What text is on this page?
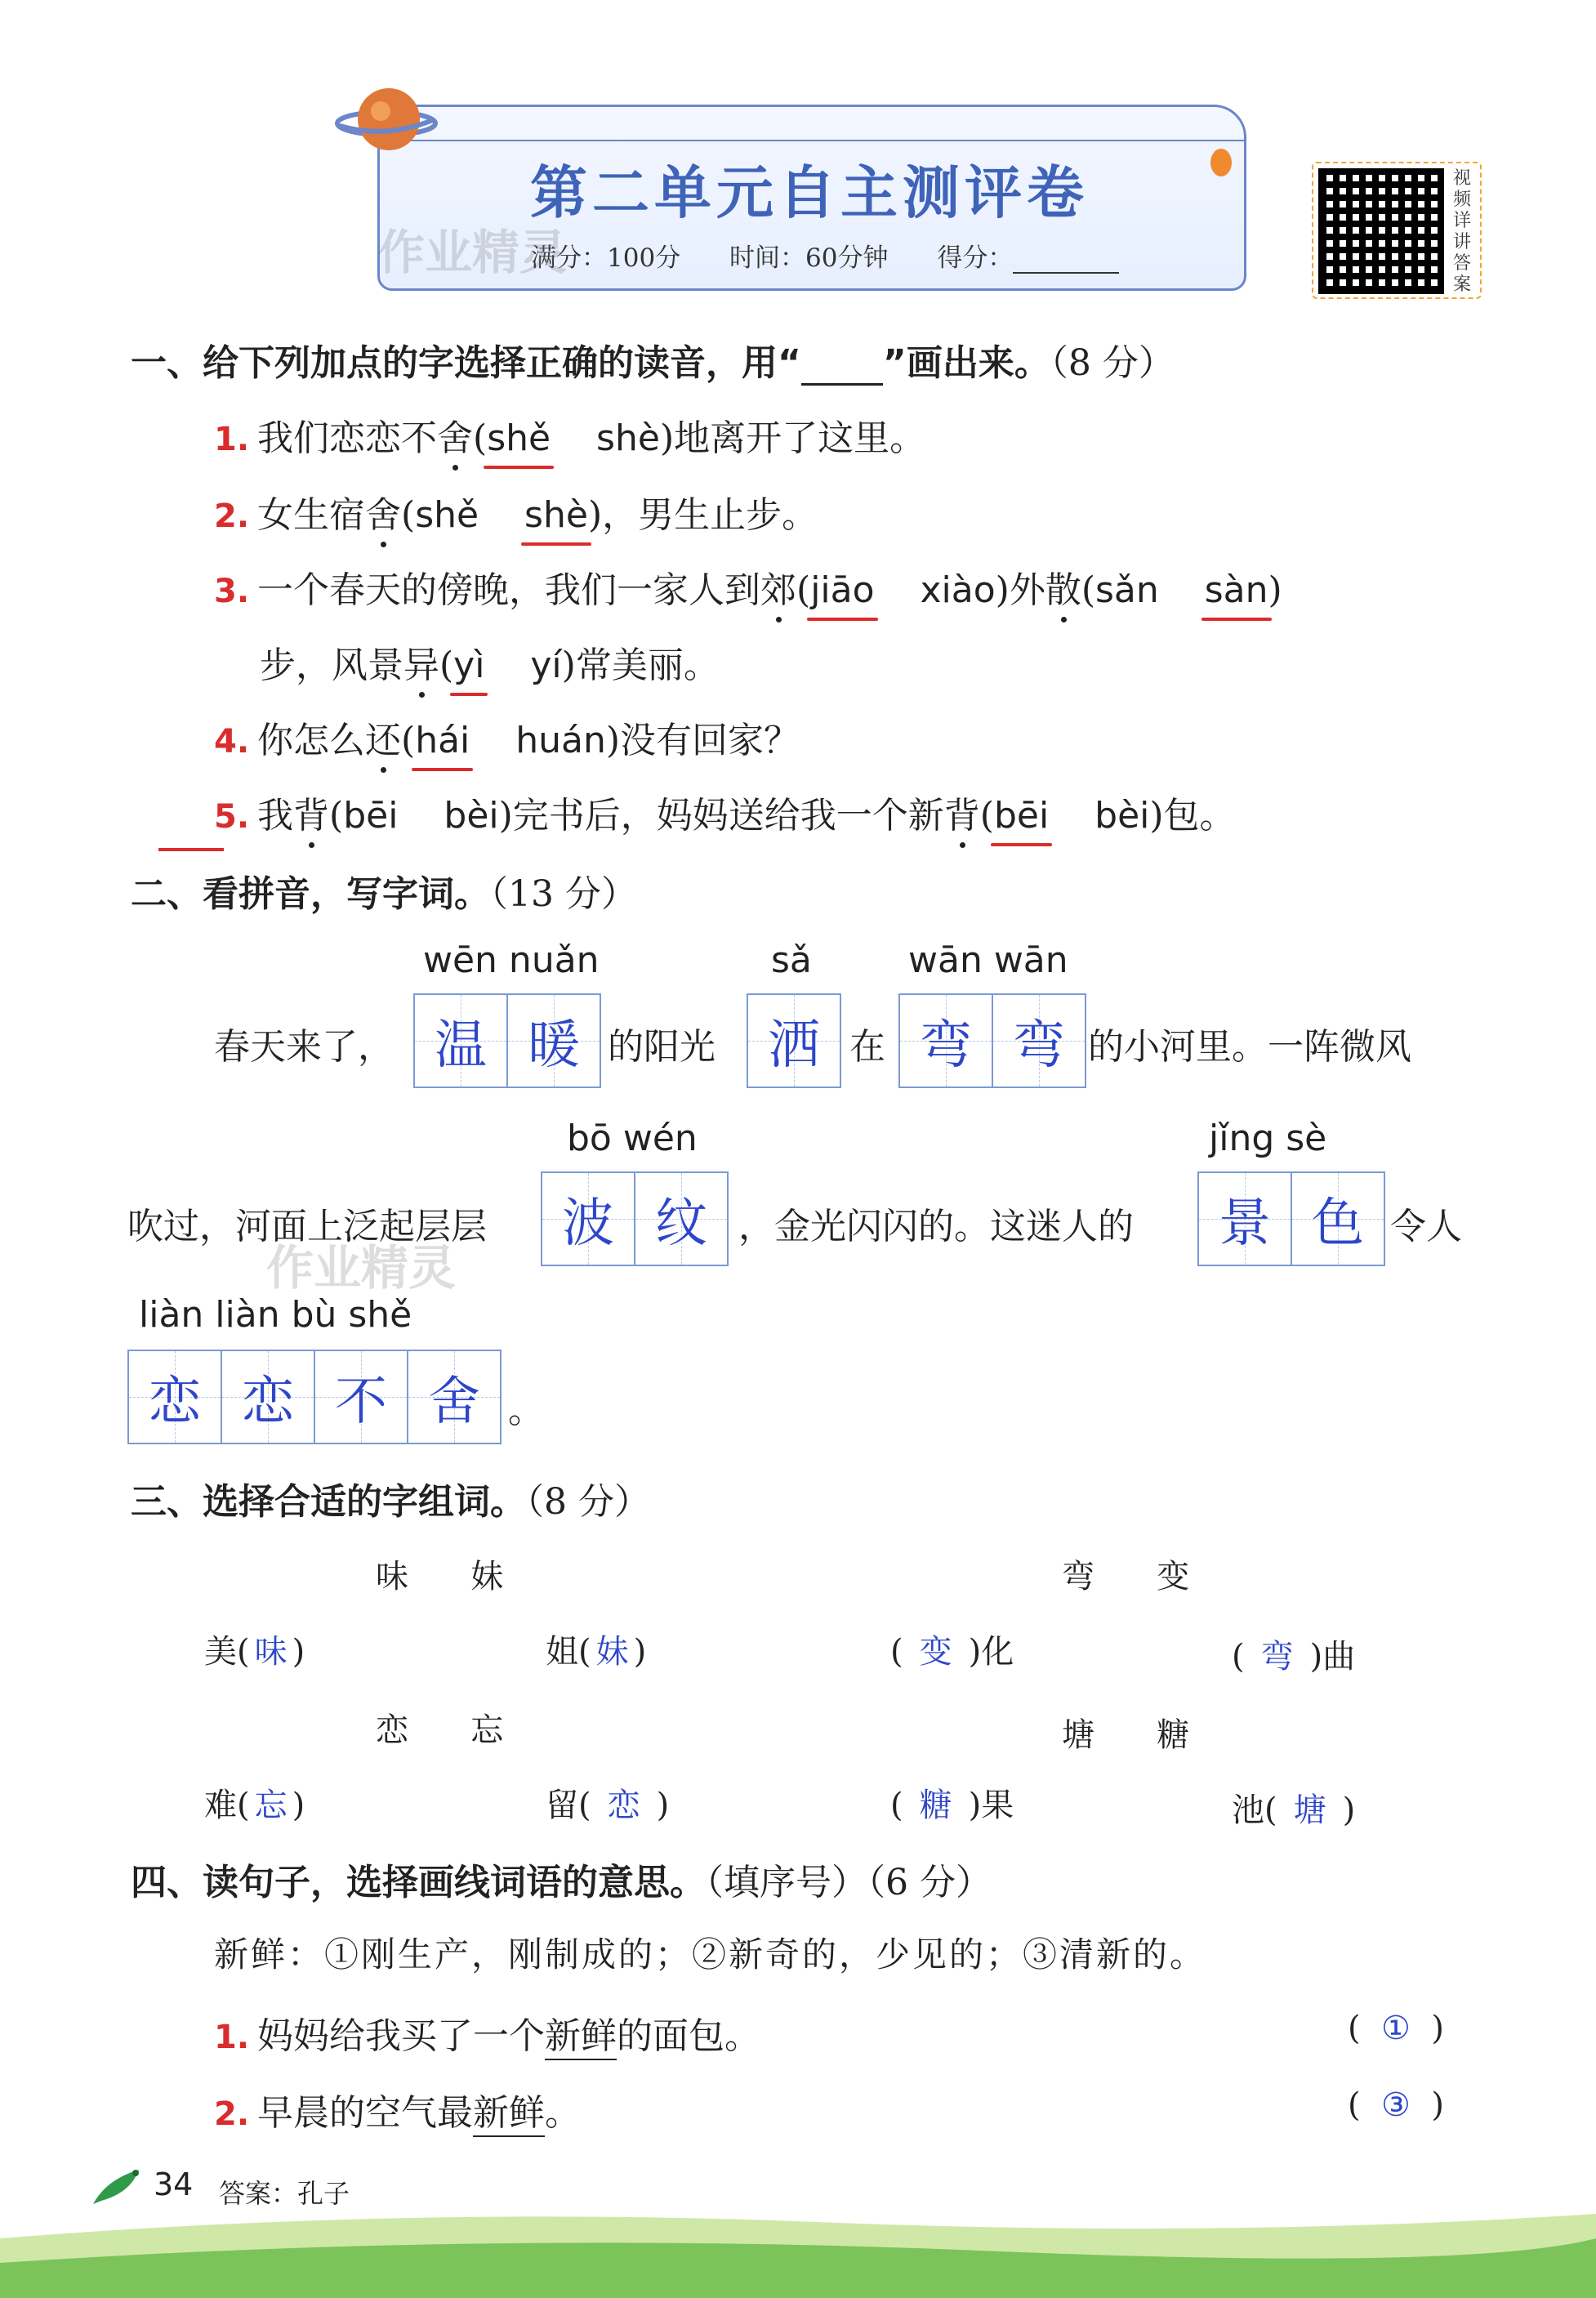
第二单元自主测评卷
满分：100分 时间：60分钟 得分：
作业精灵
视频详讲答案
一、给下列加点的字选择正确的读音，用“ ”画出来。（8 分）
1. 我们恋恋不舍(shě shè)地离开了这里。
2. 女生宿舍(shě shè)，男生止步。
3. 一个春天的傍晚，我们一家人到郊(jiāo xiào)外散(sǎn sàn)
步，风景异(yì yí)常美丽。
4. 你怎么还(hái huán)没有回家？
5. 我背(bēi bèi)完书后，妈妈送给我一个新背(bēi bèi)包。
二、看拼音，写字词。（13 分）
wēn nuǎn	sǎ	wān wān
春天来了， 温 暖 的阳光 洒 在 弯 弯 的小河里。一阵微风
bō wén	jǐng sè
吹过，河面上泛起层层
作业精灵
波 纹 ，金光闪闪的。这迷人的 景 色 令人
liàn liàn bù shě
恋 恋 不 舍 。
三、选择合适的字组词。（8 分）
味      妹	弯      变
美( 味 )	姐( 妹 )	( 变 )化	( 弯 )曲
恋      忘	塘      糖
难( 忘 )	留( 恋 )	( 糖 )果	池( 塘 )
四、读句子，选择画线词语的意思。（填序号）（6 分）
新鲜：①刚生产，刚制成的；②新奇的，少见的；③清新的。
1. 妈妈给我买了一个新鲜的面包。	(  ①  )
2. 早晨的空气最新鲜。	(  ③  )
34 答案：孔子
